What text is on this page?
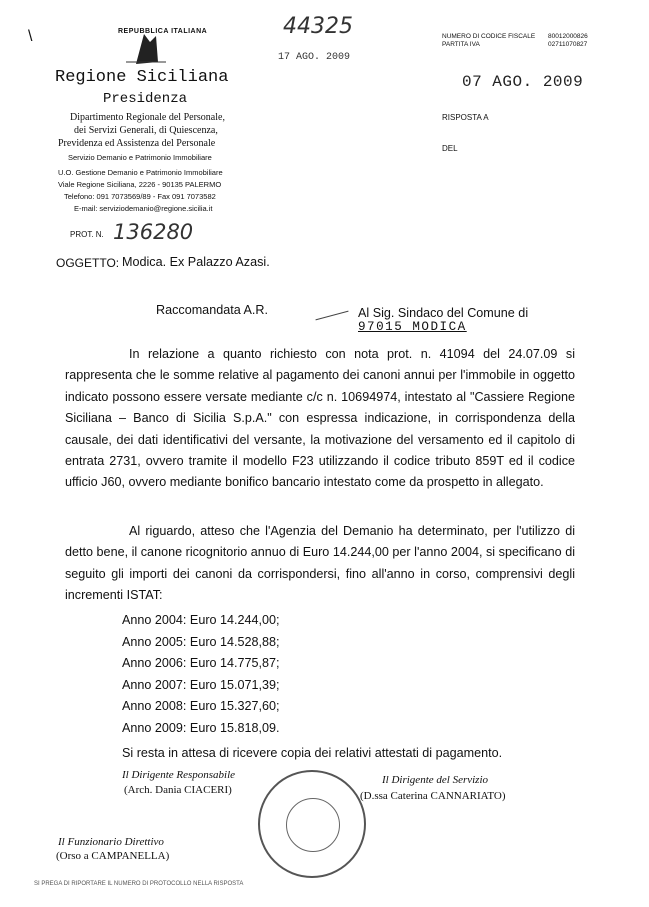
REPUBBLICA ITALIANA
\	44325
17 AGO. 2009
07 AGO. 2009
NUMERO DI CODICE FISCALE 80012000826
PARTITA IVA	02711070827
RISPOSTA A
DEL
Regione Siciliana
Presidenza
Dipartimento Regionale del Personale,
dei Servizi Generali, di Quiescenza,
Previdenza ed Assistenza del Personale
Servizio Demanio e Patrimonio Immobiliare
U.O. Gestione Demanio e Patrimonio Immobiliare
Viale Regione Siciliana, 2226 - 90135 PALERMO
Telefono: 091 7073569/89 - Fax 091 7073582
E-mail: serviziodemanio@regione.sicilia.it
PROT. N. 136280
OGGETTO: Modica. Ex Palazzo Azasi.
Raccomandata A.R.	Al Sig. Sindaco del Comune di
97015 MODICA
In relazione a quanto richiesto con nota prot. n. 41094 del 24.07.09 si rappresenta che le somme relative al pagamento dei canoni annui per l'immobile in oggetto indicato possono essere versate mediante c/c n. 10694974, intestato al "Cassiere Regione Siciliana – Banco di Sicilia S.p.A." con espressa indicazione, in corrispondenza della causale, dei dati identificativi del versante, la motivazione del versamento ed il capitolo di entrata 2731, ovvero tramite il modello F23 utilizzando il codice tributo 859T ed il codice ufficio J60, ovvero mediante bonifico bancario intestato come da prospetto in allegato.
Al riguardo, atteso che l'Agenzia del Demanio ha determinato, per l'utilizzo di detto bene, il canone ricognitorio annuo di Euro 14.244,00 per l'anno 2004, si specificano di seguito gli importi dei canoni da corrispondersi, fino all'anno in corso, comprensivi degli incrementi ISTAT:
Anno 2004: Euro 14.244,00;
Anno 2005: Euro 14.528,88;
Anno 2006: Euro 14.775,87;
Anno 2007: Euro 15.071,39;
Anno 2008: Euro 15.327,60;
Anno 2009: Euro 15.818,09.
Si resta in attesa di ricevere copia dei relativi attestati di pagamento.
Il Dirigente Responsabile
(Arch. Dania CIACERI)
Il Dirigente del Servizio
(D.ssa Caterina CANNARIATO)
Il Funzionario Direttivo
(Orso a CAMPANELLA)
SI PREGA DI RIPORTARE IL NUMERO DI PROTOCOLLO NELLA RISPOSTA
